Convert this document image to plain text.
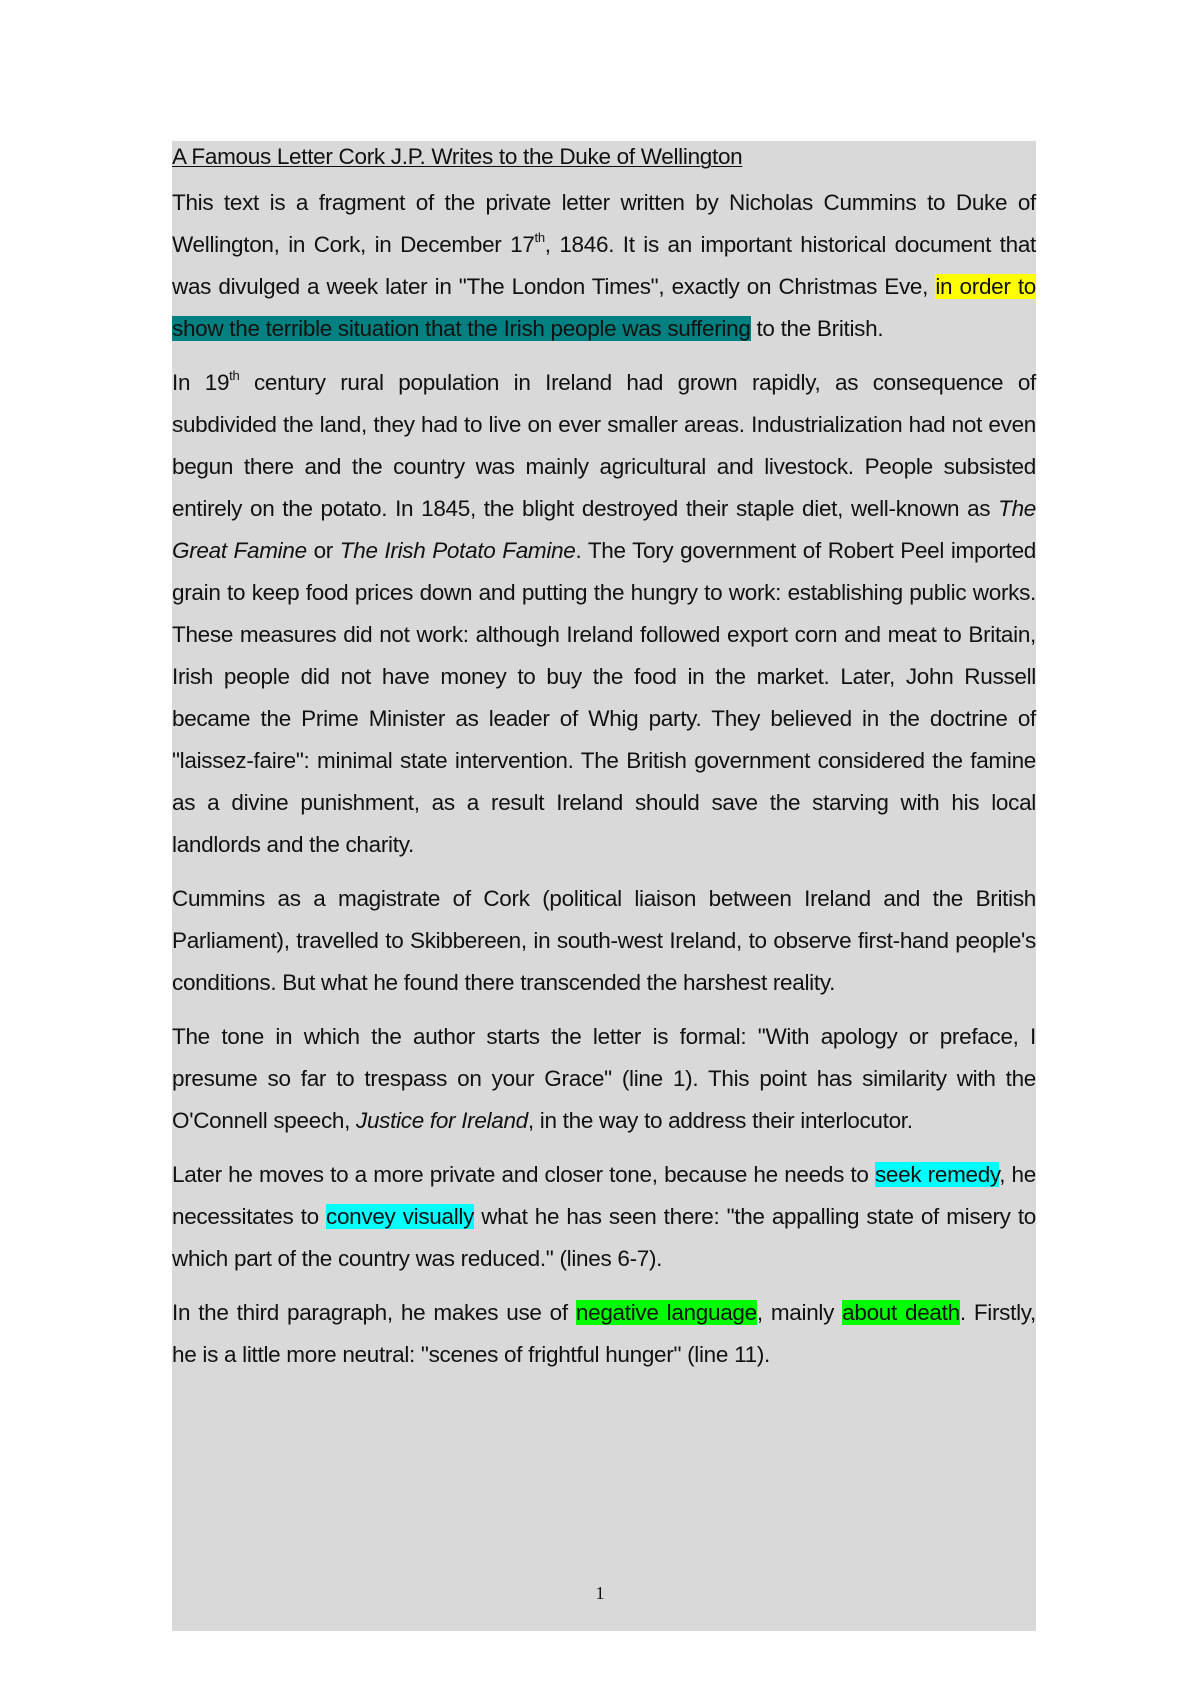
A Famous Letter Cork J.P. Writes to the Duke of Wellington

This text is a fragment of the private letter written by Nicholas Cummins to Duke of Wellington, in Cork, in December 17th, 1846. It is an important historical document that was divulged a week later in "The London Times", exactly on Christmas Eve, in order to show the terrible situation that the Irish people was suffering to the British.

In 19th century rural population in Ireland had grown rapidly, as consequence of subdivided the land, they had to live on ever smaller areas. Industrialization had not even begun there and the country was mainly agricultural and livestock. People subsisted entirely on the potato. In 1845, the blight destroyed their staple diet, well-known as The Great Famine or The Irish Potato Famine. The Tory government of Robert Peel imported grain to keep food prices down and putting the hungry to work: establishing public works. These measures did not work: although Ireland followed export corn and meat to Britain, Irish people did not have money to buy the food in the market. Later, John Russell became the Prime Minister as leader of Whig party. They believed in the doctrine of "laissez-faire": minimal state intervention. The British government considered the famine as a divine punishment, as a result Ireland should save the starving with his local landlords and the charity.

Cummins as a magistrate of Cork (political liaison between Ireland and the British Parliament), travelled to Skibbereen, in south-west Ireland, to observe first-hand people's conditions. But what he found there transcended the harshest reality.

The tone in which the author starts the letter is formal: "With apology or preface, I presume so far to trespass on your Grace" (line 1). This point has similarity with the O'Connell speech, Justice for Ireland, in the way to address their interlocutor.

Later he moves to a more private and closer tone, because he needs to seek remedy, he necessitates to convey visually what he has seen there: "the appalling state of misery to which part of the country was reduced." (lines 6-7).

In the third paragraph, he makes use of negative language, mainly about death. Firstly, he is a little more neutral: "scenes of frightful hunger" (line 11).

1
